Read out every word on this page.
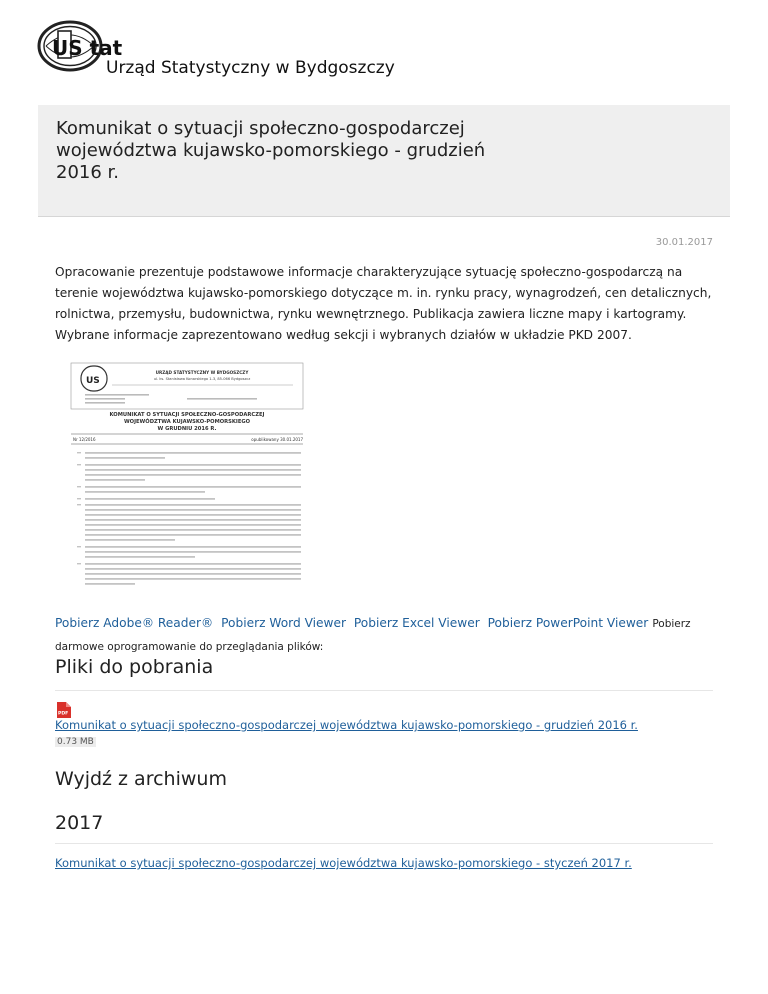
US tat
Urząd Statystyczny w Bydgoszczy
Komunikat o sytuacji społeczno-gospodarczej województwa kujawsko-pomorskiego - grudzień 2016 r.
30.01.2017

Opracowanie prezentuje podstawowe informacje charakteryzujące sytuację społeczno-gospodarczą na terenie województwa kujawsko-pomorskiego dotyczące m. in. rynku pracy, wynagrodzeń, cen detalicznych, rolnictwa, przemysłu, budownictwa, rynku wewnętrznego. Publikacja zawiera liczne mapy i kartogramy. Wybrane informacje zaprezentowano według sekcji i wybranych działów w układzie PKD 2007.

US
URZĄD STATYSTYCZNY W BYDGOSZCZY
ul. ks. Stanisława Konarskiego 1-3, 85-066 Bydgoszcz
KOMUNIKAT O SYTUACJI SPOŁECZNO-GOSPODARCZEJ
WOJEWÓDZTWA KUJAWSKO-POMORSKIEGO
W GRUDNIU 2016 R.
Nr 12/2016	opublikowany 30.01.2017
Pobierz Adobe® Reader® Pobierz Word Viewer Pobierz Excel Viewer Pobierz PowerPoint Viewer Pobierz darmowe oprogramowanie do przeglądania plików:
Pliki do pobrania
PDF
Komunikat o sytuacji społeczno-gospodarczej województwa kujawsko-pomorskiego - grudzień 2016 r.
0.73 MB
Wyjdź z archiwum
2017
Komunikat o sytuacji społeczno-gospodarczej województwa kujawsko-pomorskiego - styczeń 2017 r.
